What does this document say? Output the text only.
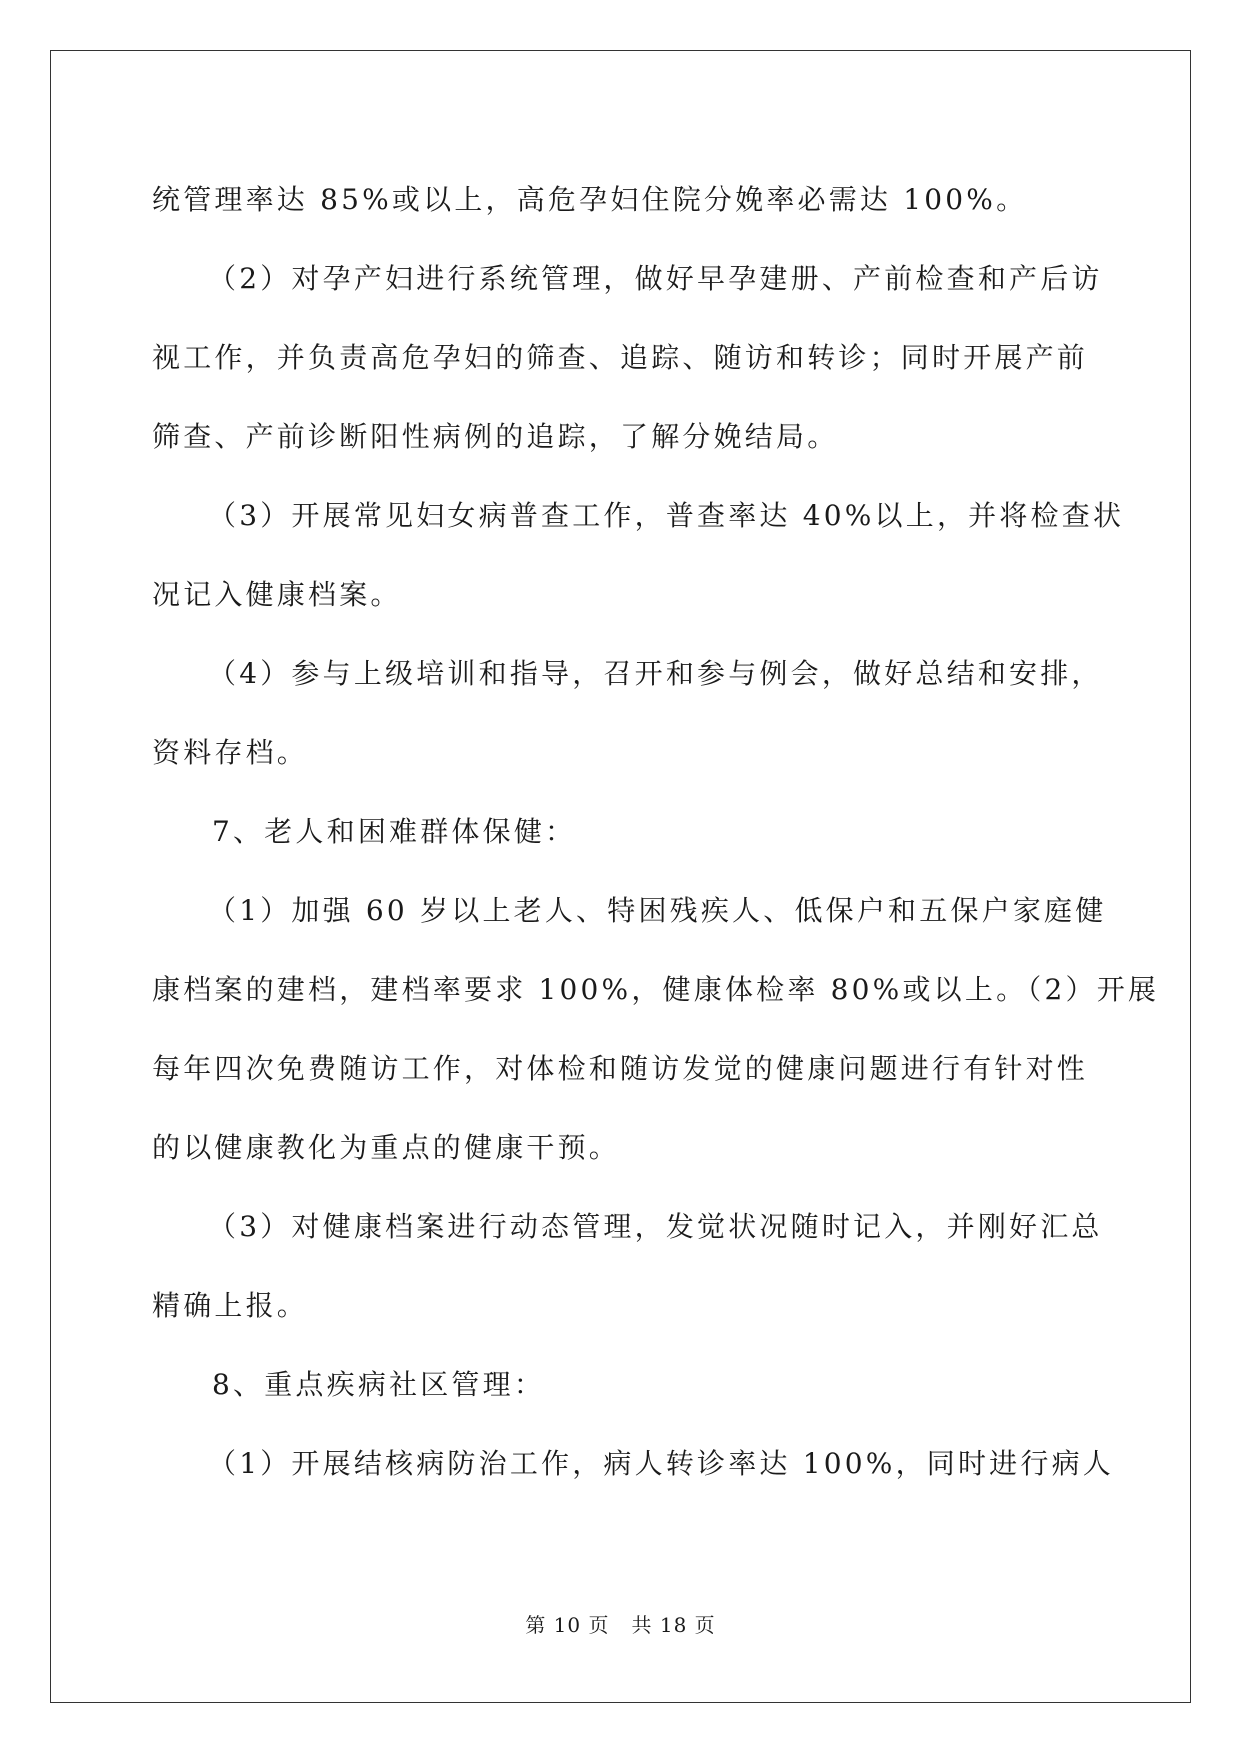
统管理率达 85%或以上，高危孕妇住院分娩率必需达 100%。

（2）对孕产妇进行系统管理，做好早孕建册、产前检查和产后访

视工作，并负责高危孕妇的筛查、追踪、随访和转诊；同时开展产前

筛查、产前诊断阳性病例的追踪，了解分娩结局。

（3）开展常见妇女病普查工作，普查率达 40%以上，并将检查状

况记入健康档案。

（4）参与上级培训和指导，召开和参与例会，做好总结和安排，

资料存档。

7、老人和困难群体保健：

（1）加强 60 岁以上老人、特困残疾人、低保户和五保户家庭健

康档案的建档，建档率要求 100%，健康体检率 80%或以上。（2）开展

每年四次免费随访工作，对体检和随访发觉的健康问题进行有针对性

的以健康教化为重点的健康干预。

（3）对健康档案进行动态管理，发觉状况随时记入，并刚好汇总

精确上报。

8、重点疾病社区管理：

（1）开展结核病防治工作，病人转诊率达 100%，同时进行病人

第 10 页 共 18 页
